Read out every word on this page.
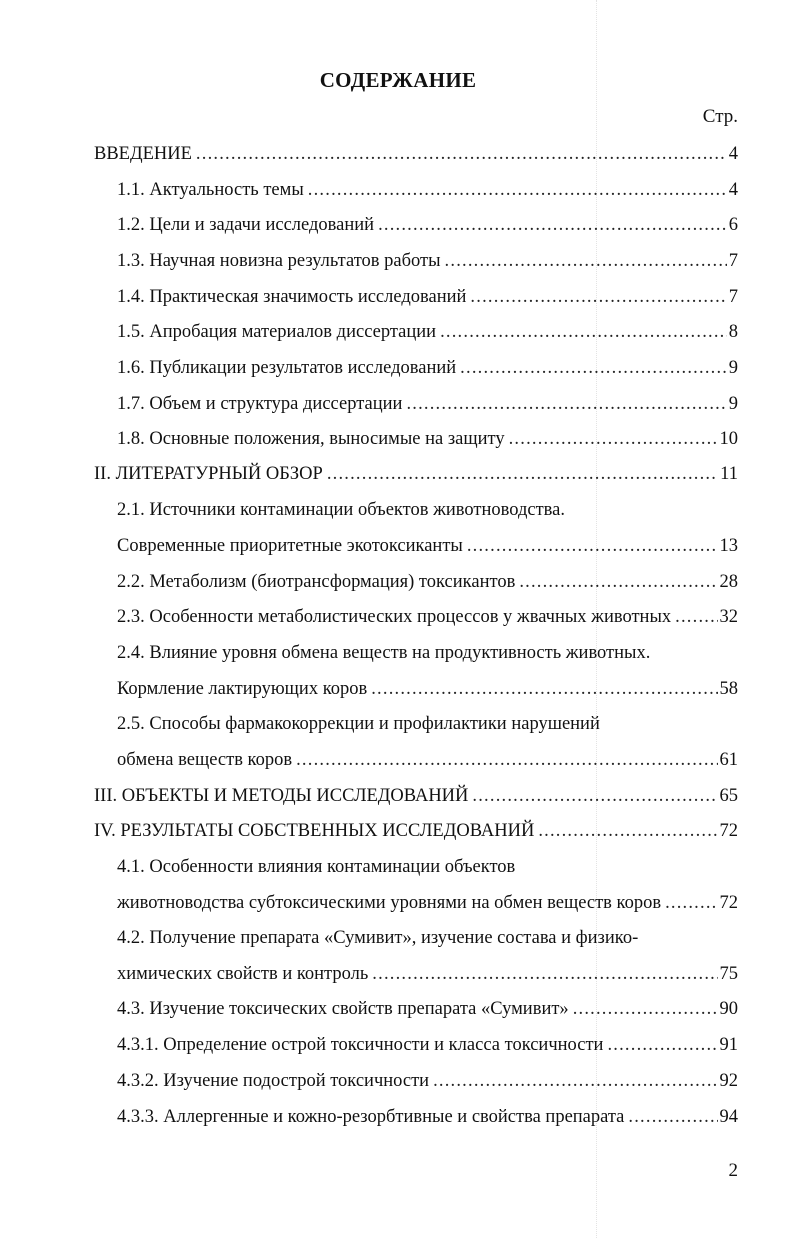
СОДЕРЖАНИЕ
Стр.
ВВЕДЕНИЕ .....	4
1.1. Актуальность темы .....	4
1.2. Цели и задачи исследований .....	6
1.3. Научная новизна результатов работы .....	7
1.4. Практическая значимость исследований .....	7
1.5. Апробация материалов диссертации .....	8
1.6. Публикации результатов исследований .....	9
1.7. Объем и структура диссертации .....	9
1.8. Основные положения, выносимые на защиту .....	10
II. ЛИТЕРАТУРНЫЙ ОБЗОР .....	11
2.1. Источники контаминации объектов животноводства.
Современные приоритетные экотоксиканты .....	13
2.2. Метаболизм (биотрансформация) токсикантов .....	28
2.3. Особенности метаболистических процессов у жвачных животных .....	32
2.4. Влияние уровня обмена веществ на продуктивность животных.
Кормление лактирующих коров .....	58
2.5. Способы фармакокоррекции и профилактики нарушений
обмена веществ коров .....	61
III. ОБЪЕКТЫ И МЕТОДЫ ИССЛЕДОВАНИЙ .....	65
IV. РЕЗУЛЬТАТЫ СОБСТВЕННЫХ ИССЛЕДОВАНИЙ .....	72
4.1. Особенности влияния контаминации объектов
животноводства субтоксическими уровнями на обмен веществ коров .....	72
4.2. Получение препарата «Сумивит», изучение состава и физико-
химических свойств и контроль .....	75
4.3. Изучение токсических свойств препарата «Сумивит» .....	90
4.3.1. Определение острой токсичности и класса токсичности .....	91
4.3.2. Изучение подострой токсичности .....	92
4.3.3. Аллергенные и кожно-резорбтивные и свойства препарата .....	94
2
